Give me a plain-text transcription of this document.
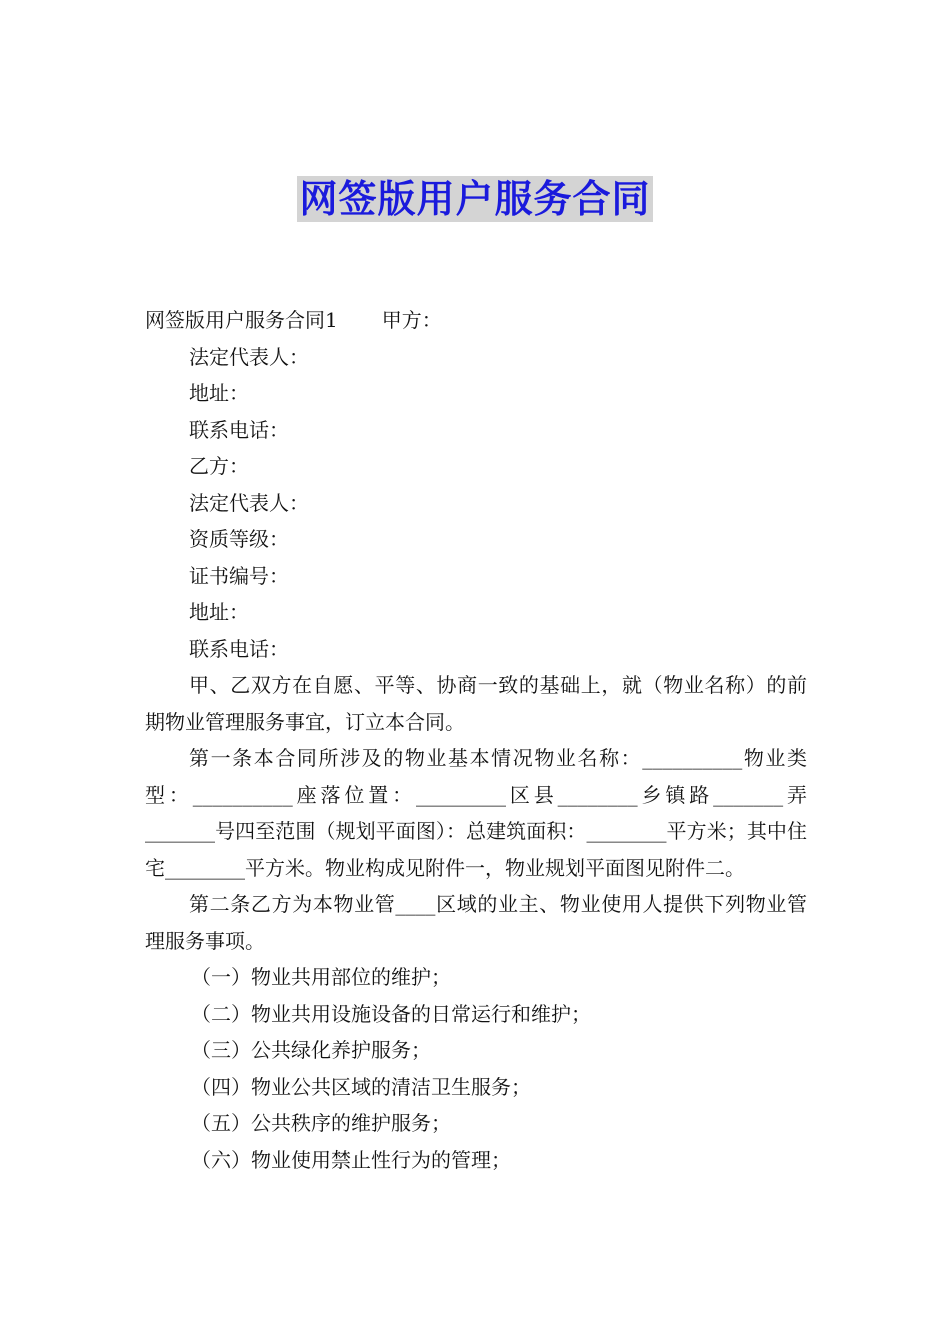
网签版用户服务合同

网签版用户服务合同1 甲方：

法定代表人：

地址：

联系电话：

乙方：

法定代表人：

资质等级：

证书编号：

地址：

联系电话：

甲、乙双方在自愿、平等、协商一致的基础上，就（物业名称）的前期物业管理服务事宜，订立本合同。

第一条本合同所涉及的物业基本情况物业名称：__________物业类型：__________座落位置：_________区县________乡镇路_______弄_______号四至范围（规划平面图）：总建筑面积：________平方米；其中住宅________平方米。物业构成见附件一，物业规划平面图见附件二。

第二条乙方为本物业管____区域的业主、物业使用人提供下列物业管理服务事项。

（一）物业共用部位的维护；

（二）物业共用设施设备的日常运行和维护；

（三）公共绿化养护服务；

（四）物业公共区域的清洁卫生服务；

（五）公共秩序的维护服务；

（六）物业使用禁止性行为的管理；
